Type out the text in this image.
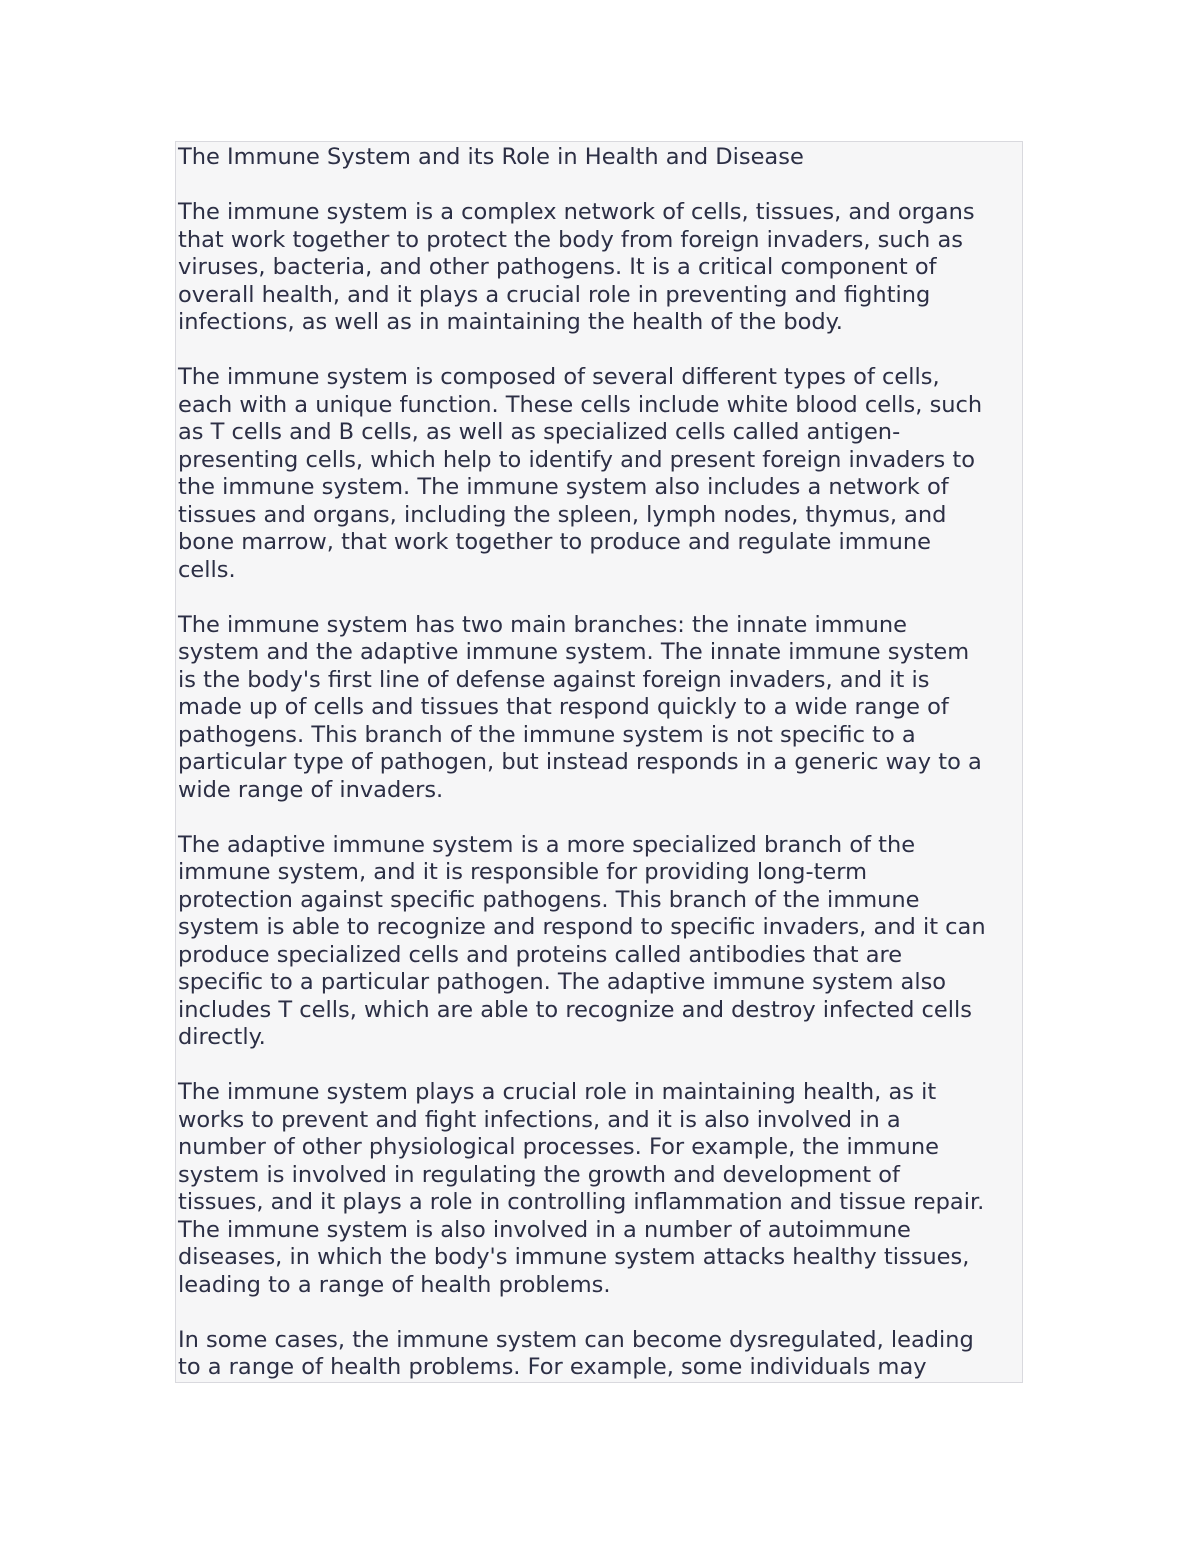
The Immune System and its Role in Health and Disease

The immune system is a complex network of cells, tissues, and organs
that work together to protect the body from foreign invaders, such as
viruses, bacteria, and other pathogens. It is a critical component of
overall health, and it plays a crucial role in preventing and fighting
infections, as well as in maintaining the health of the body.

The immune system is composed of several different types of cells,
each with a unique function. These cells include white blood cells, such
as T cells and B cells, as well as specialized cells called antigen-
presenting cells, which help to identify and present foreign invaders to
the immune system. The immune system also includes a network of
tissues and organs, including the spleen, lymph nodes, thymus, and
bone marrow, that work together to produce and regulate immune
cells.

The immune system has two main branches: the innate immune
system and the adaptive immune system. The innate immune system
is the body's first line of defense against foreign invaders, and it is
made up of cells and tissues that respond quickly to a wide range of
pathogens. This branch of the immune system is not specific to a
particular type of pathogen, but instead responds in a generic way to a
wide range of invaders.

The adaptive immune system is a more specialized branch of the
immune system, and it is responsible for providing long-term
protection against specific pathogens. This branch of the immune
system is able to recognize and respond to specific invaders, and it can
produce specialized cells and proteins called antibodies that are
specific to a particular pathogen. The adaptive immune system also
includes T cells, which are able to recognize and destroy infected cells
directly.

The immune system plays a crucial role in maintaining health, as it
works to prevent and fight infections, and it is also involved in a
number of other physiological processes. For example, the immune
system is involved in regulating the growth and development of
tissues, and it plays a role in controlling inflammation and tissue repair.
The immune system is also involved in a number of autoimmune
diseases, in which the body's immune system attacks healthy tissues,
leading to a range of health problems.

In some cases, the immune system can become dysregulated, leading
to a range of health problems. For example, some individuals may
